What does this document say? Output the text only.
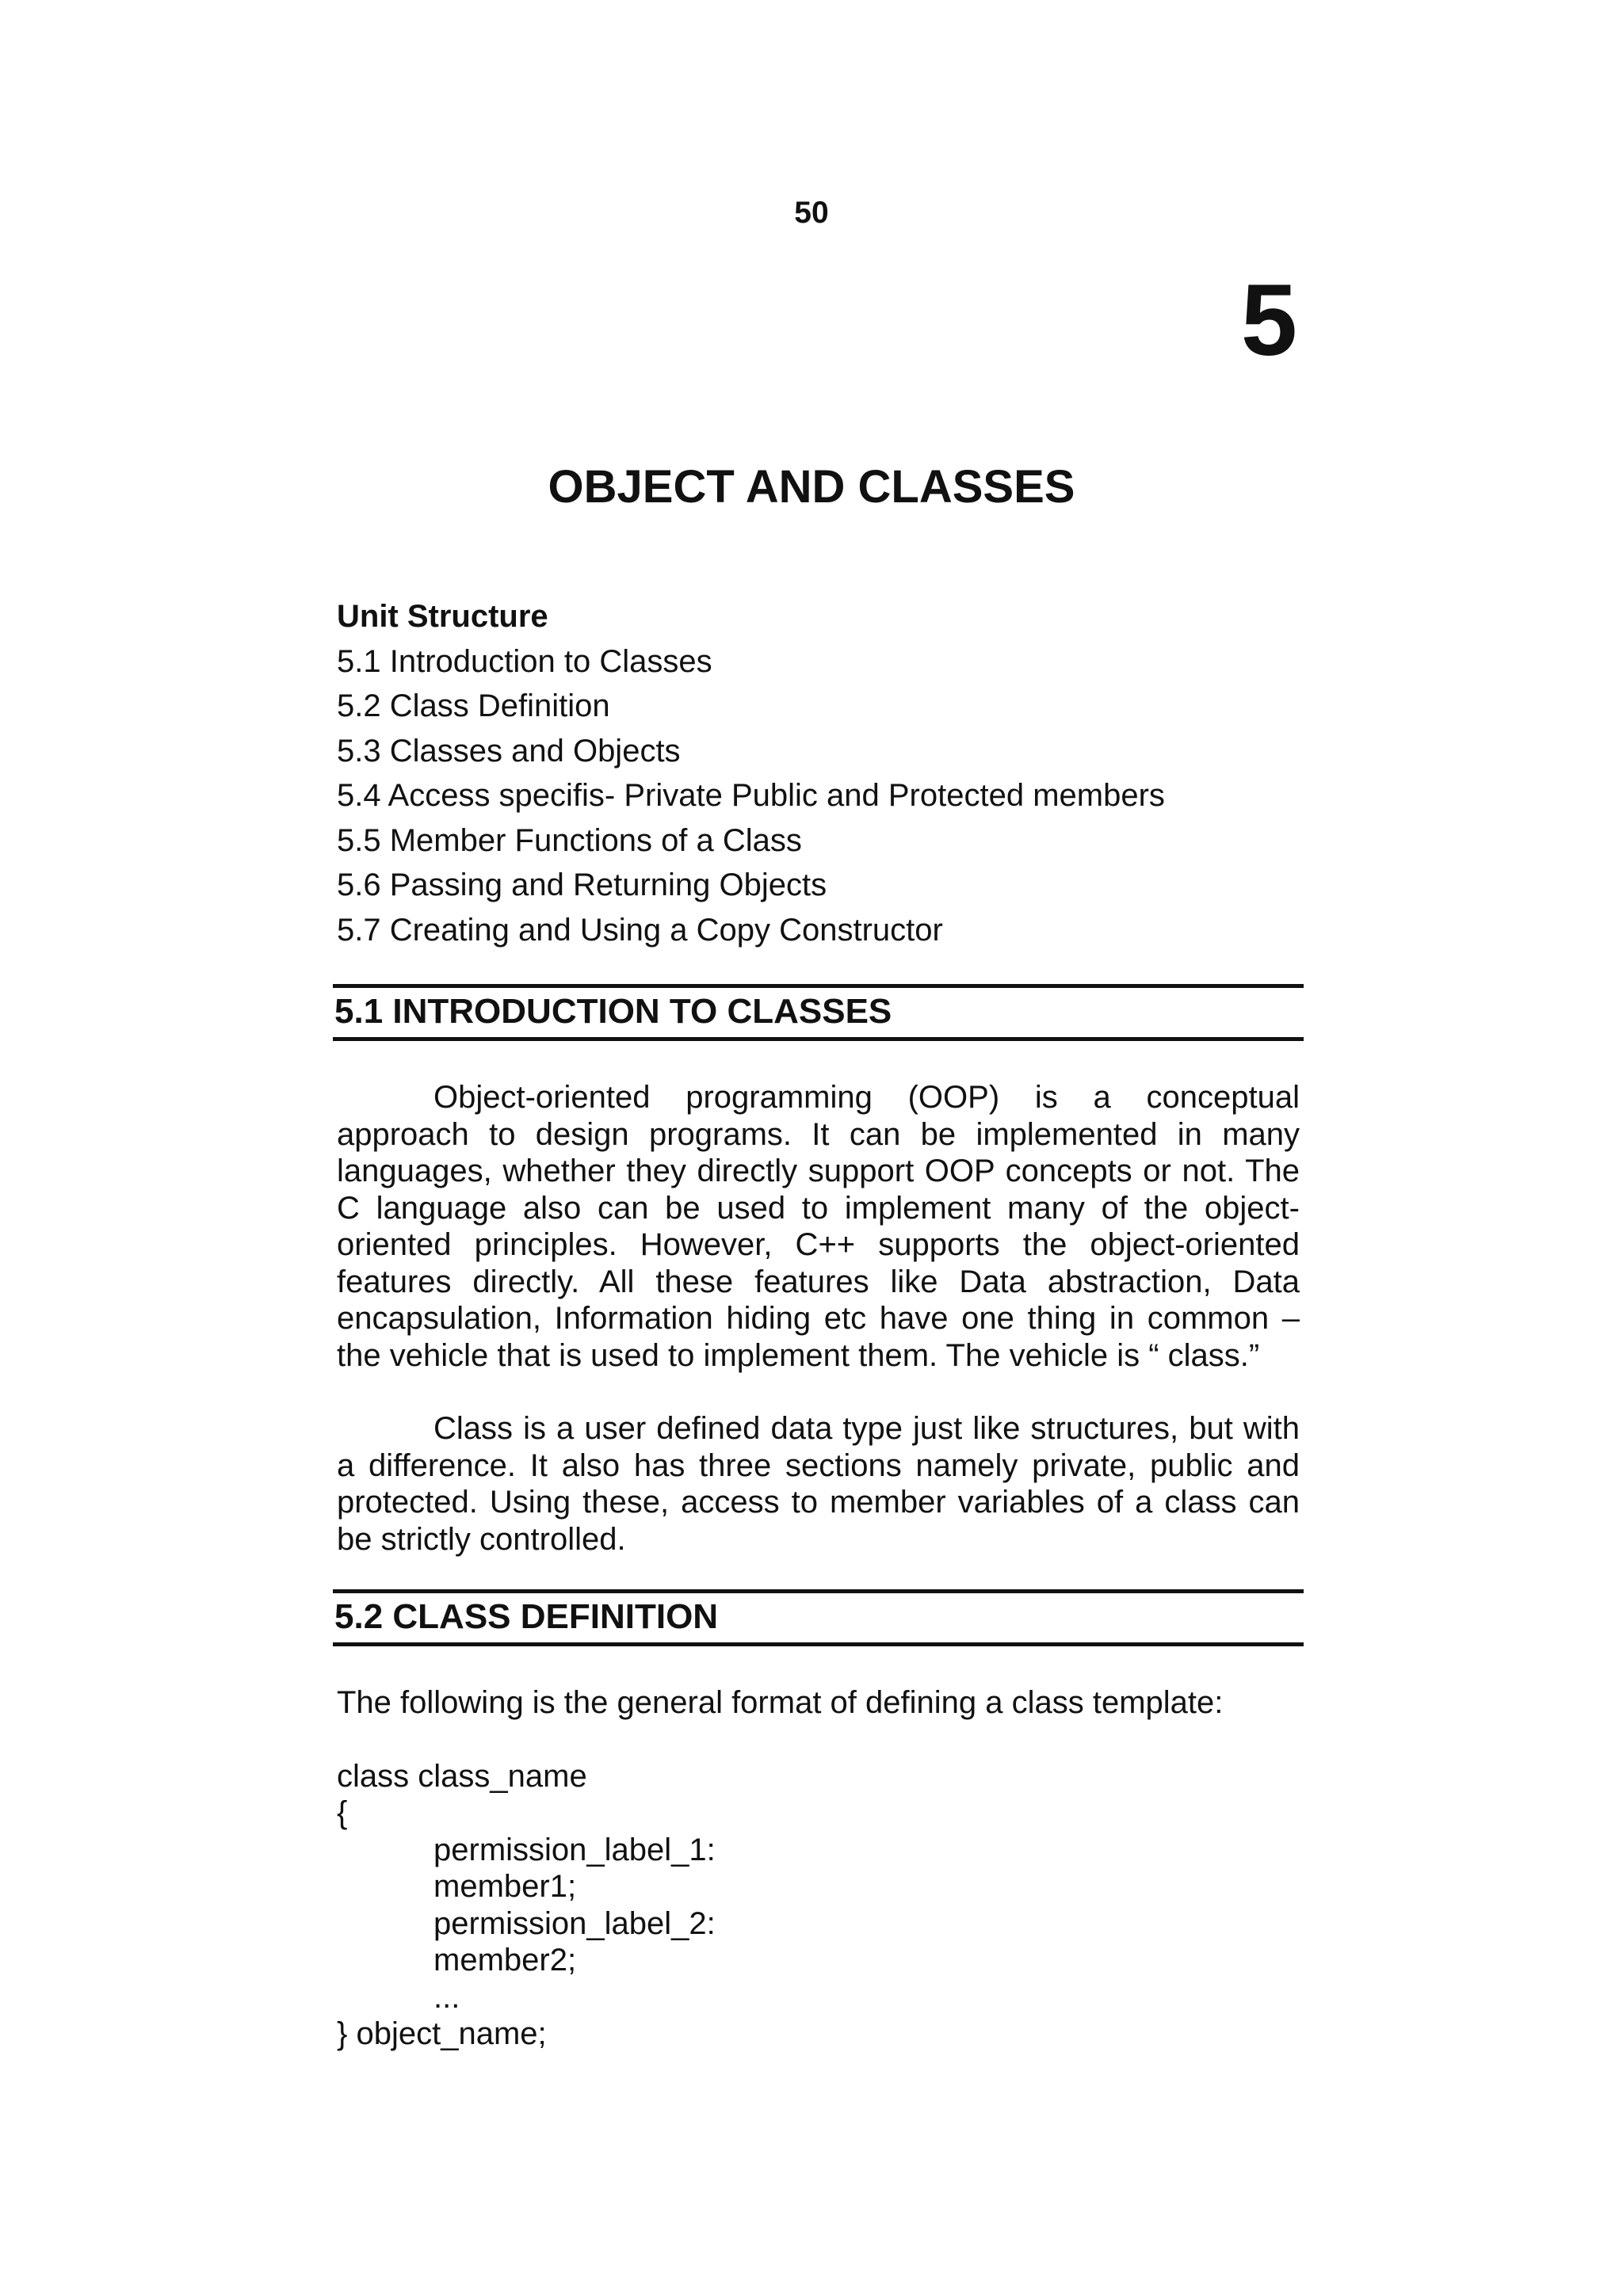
50
5
OBJECT AND CLASSES
Unit Structure
5.1 Introduction to Classes
5.2 Class Definition
5.3 Classes and Objects
5.4 Access specifis- Private Public and Protected members
5.5 Member Functions of a Class
5.6 Passing and Returning Objects
5.7 Creating and Using a Copy Constructor
5.1 INTRODUCTION TO CLASSES

Object-oriented programming (OOP) is a conceptual approach to design programs. It can be implemented in many languages, whether they directly support OOP concepts or not. The C language also can be used to implement many of the object-oriented principles. However, C++ supports the object-oriented features directly. All these features like Data abstraction, Data encapsulation, Information hiding etc have one thing in common – the vehicle that is used to implement them. The vehicle is “ class.”

Class is a user defined data type just like structures, but with a difference. It also has three sections namely private, public and protected. Using these, access to member variables of a class can be strictly controlled.

5.2 CLASS DEFINITION

The following is the general format of defining a class template:

class class_name
{
permission_label_1:
member1;
permission_label_2:
member2;
...
} object_name;
